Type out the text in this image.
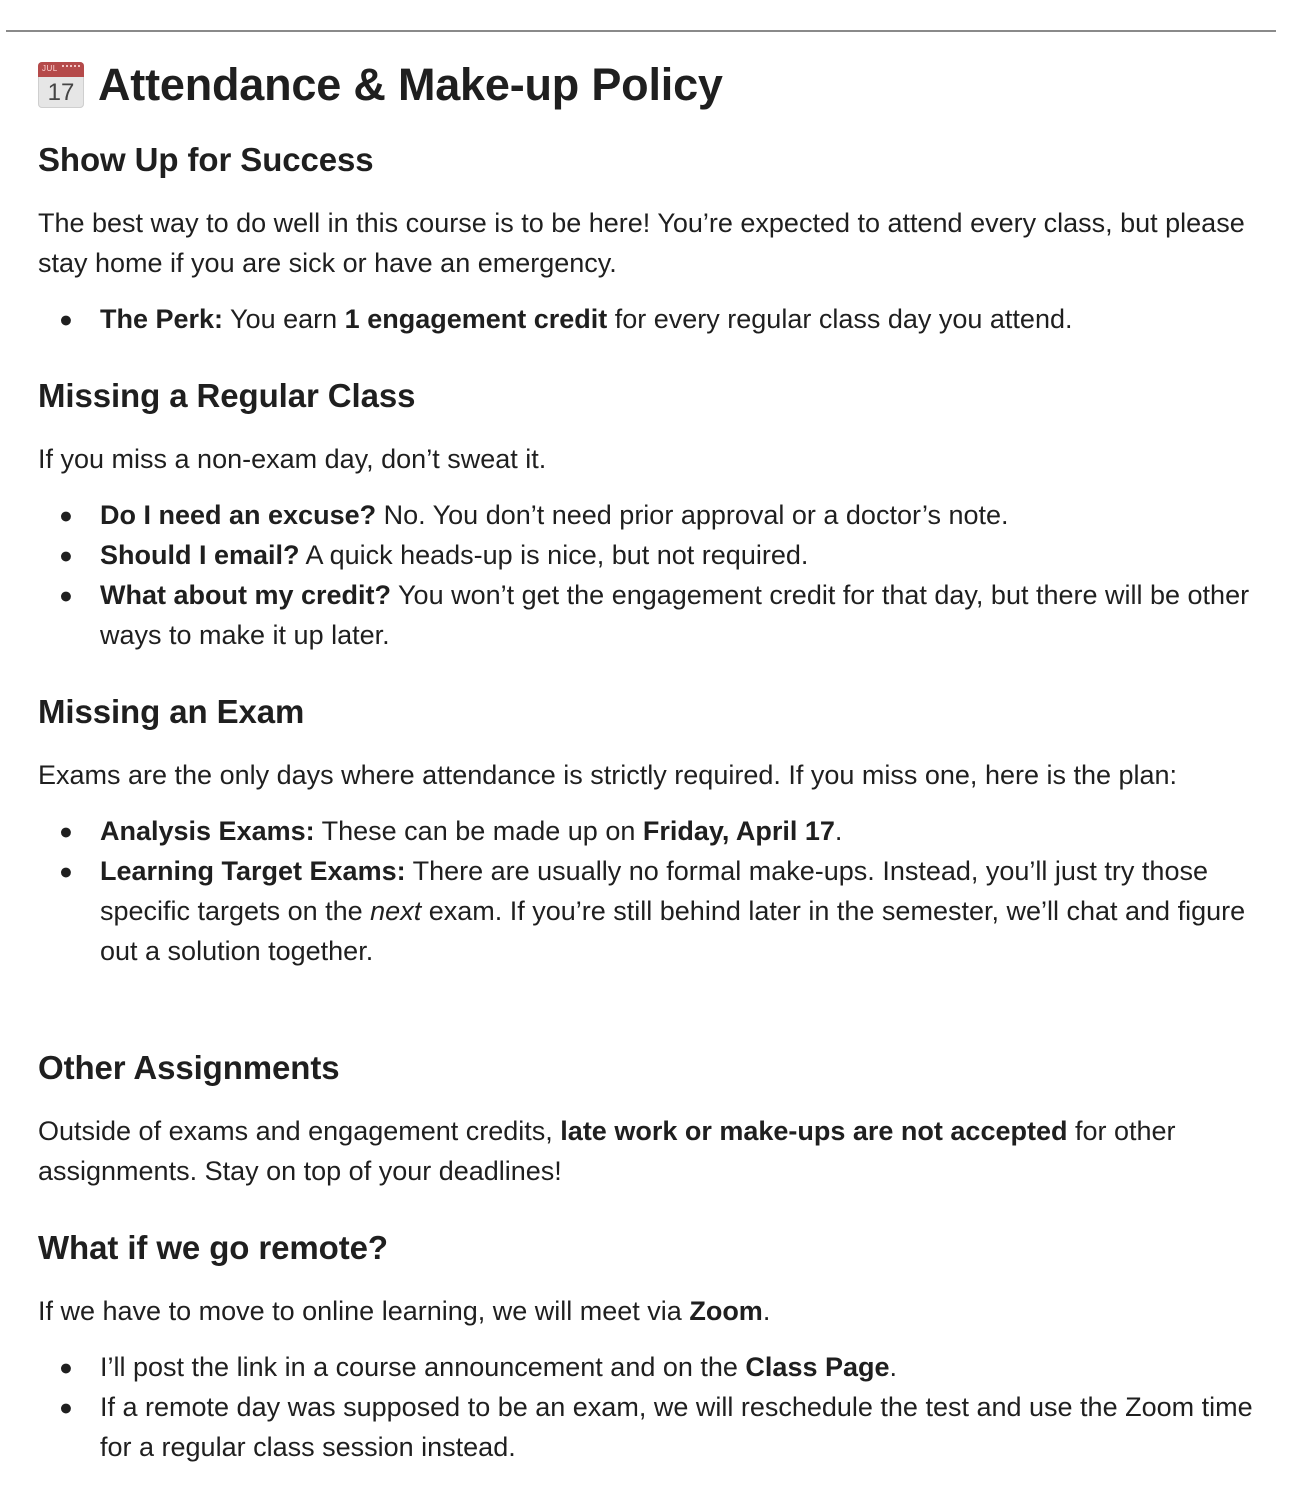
JUL
17 Attendance & Make-up Policy
Show Up for Success

The best way to do well in this course is to be here! You’re expected to attend every class, but please stay home if you are sick or have an emergency.

● The Perk: You earn 1 engagement credit for every regular class day you attend.
Missing a Regular Class

If you miss a non-exam day, don’t sweat it.

● Do I need an excuse? No. You don’t need prior approval or a doctor’s note.
● Should I email? A quick heads-up is nice, but not required.
● What about my credit? You won’t get the engagement credit for that day, but there will be other ways to make it up later.
Missing an Exam

Exams are the only days where attendance is strictly required. If you miss one, here is the plan:

● Analysis Exams: These can be made up on Friday, April 17.
● Learning Target Exams: There are usually no formal make-ups. Instead, you’ll just try those specific targets on the next exam. If you’re still behind later in the semester, we’ll chat and figure out a solution together.
Other Assignments

Outside of exams and engagement credits, late work or make-ups are not accepted for other assignments. Stay on top of your deadlines!

What if we go remote?

If we have to move to online learning, we will meet via Zoom.

● I’ll post the link in a course announcement and on the Class Page.
● If a remote day was supposed to be an exam, we will reschedule the test and use the Zoom time for a regular class session instead.
